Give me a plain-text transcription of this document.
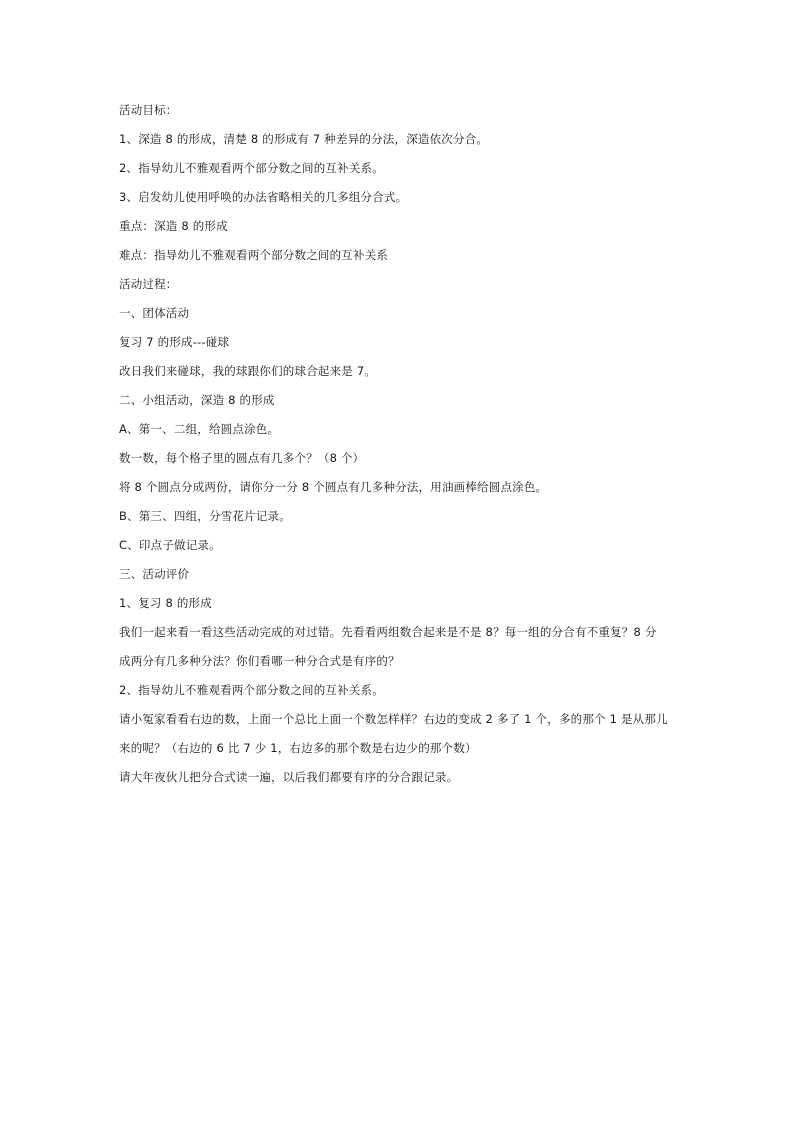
活动目标：
1、深造 8 的形成，清楚 8 的形成有 7 种差异的分法，深造依次分合。
2、指导幼儿不雅观看两个部分数之间的互补关系。
3、启发幼儿使用呼唤的办法省略相关的几多组分合式。
重点：深造 8 的形成
难点：指导幼儿不雅观看两个部分数之间的互补关系
活动过程：
一、团体活动
复习 7 的形成---碰球
改日我们来碰球，我的球跟你们的球合起来是 7。
二、小组活动，深造 8 的形成
A、第一、二组，给圆点涂色。
数一数，每个格子里的圆点有几多个？（8 个）
将 8 个圆点分成两份，请你分一分 8 个圆点有几多种分法，用油画棒给圆点涂色。
B、第三、四组，分雪花片记录。
C、印点子做记录。
三、活动评价
1、复习 8 的形成
我们一起来看一看这些活动完成的对过错。先看看两组数合起来是不是 8？每一组的分合有不重复？8 分
成两分有几多种分法？你们看哪一种分合式是有序的？
2、指导幼儿不雅观看两个部分数之间的互补关系。
请小冤家看看右边的数，上面一个总比上面一个数怎样样？右边的变成 2 多了 1 个，多的那个 1 是从那儿
来的呢？（右边的 6 比 7 少 1，右边多的那个数是右边少的那个数）
请大年夜伙儿把分合式读一遍，以后我们都要有序的分合跟记录。
